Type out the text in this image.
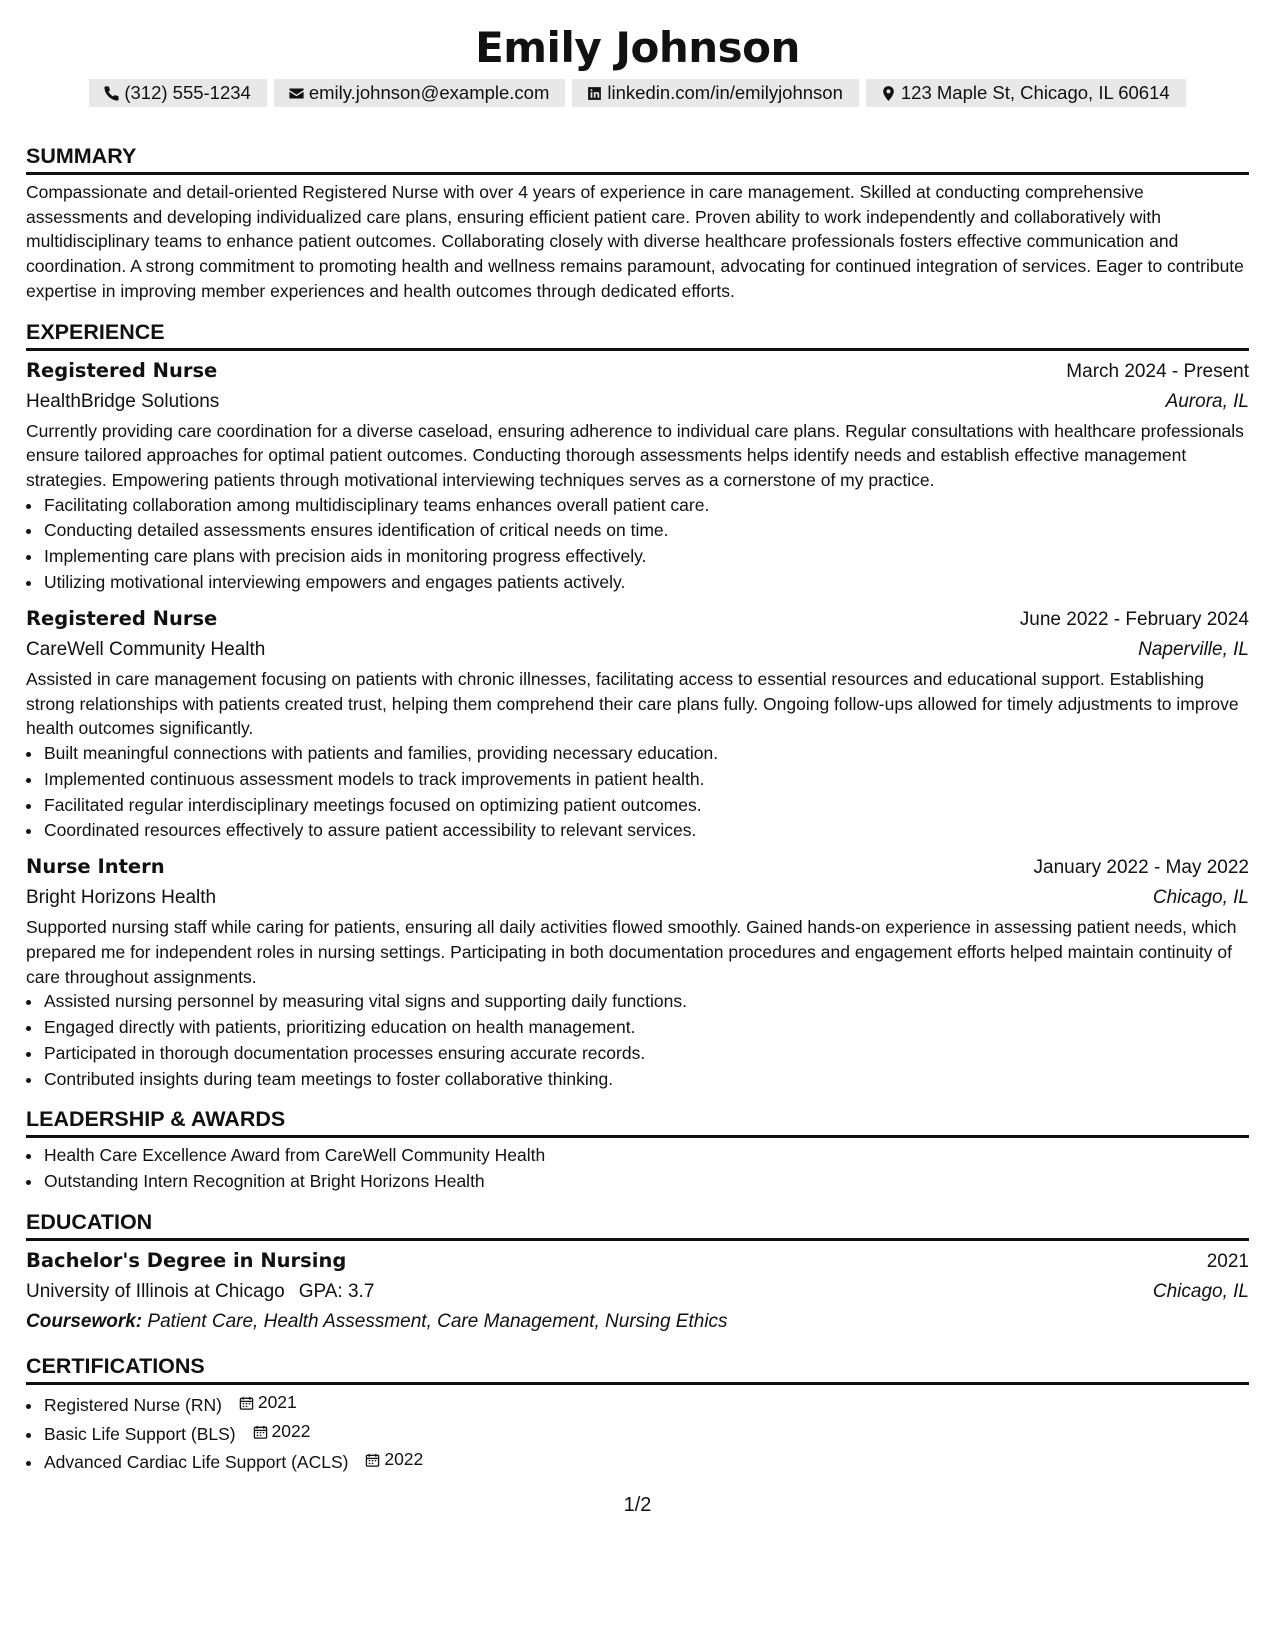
Emily Johnson
(312) 555-1234	emily.johnson@example.com	linkedin.com/in/emilyjohnson	123 Maple St, Chicago, IL 60614
SUMMARY

Compassionate and detail-oriented Registered Nurse with over 4 years of experience in care management. Skilled at conducting comprehensive assessments and developing individualized care plans, ensuring efficient patient care. Proven ability to work independently and collaboratively with multidisciplinary teams to enhance patient outcomes. Collaborating closely with diverse healthcare professionals fosters effective communication and coordination. A strong commitment to promoting health and wellness remains paramount, advocating for continued integration of services. Eager to contribute expertise in improving member experiences and health outcomes through dedicated efforts.

EXPERIENCE
Registered Nurse	March 2024 - Present
HealthBridge Solutions	Aurora, IL

Currently providing care coordination for a diverse caseload, ensuring adherence to individual care plans. Regular consultations with healthcare professionals ensure tailored approaches for optimal patient outcomes. Conducting thorough assessments helps identify needs and establish effective management strategies. Empowering patients through motivational interviewing techniques serves as a cornerstone of my practice.

• Facilitating collaboration among multidisciplinary teams enhances overall patient care.
• Conducting detailed assessments ensures identification of critical needs on time.
• Implementing care plans with precision aids in monitoring progress effectively.
• Utilizing motivational interviewing empowers and engages patients actively.
Registered Nurse	June 2022 - February 2024
CareWell Community Health	Naperville, IL

Assisted in care management focusing on patients with chronic illnesses, facilitating access to essential resources and educational support. Establishing strong relationships with patients created trust, helping them comprehend their care plans fully. Ongoing follow-ups allowed for timely adjustments to improve health outcomes significantly.

• Built meaningful connections with patients and families, providing necessary education.
• Implemented continuous assessment models to track improvements in patient health.
• Facilitated regular interdisciplinary meetings focused on optimizing patient outcomes.
• Coordinated resources effectively to assure patient accessibility to relevant services.
Nurse Intern	January 2022 - May 2022
Bright Horizons Health	Chicago, IL

Supported nursing staff while caring for patients, ensuring all daily activities flowed smoothly. Gained hands-on experience in assessing patient needs, which prepared me for independent roles in nursing settings. Participating in both documentation procedures and engagement efforts helped maintain continuity of care throughout assignments.

• Assisted nursing personnel by measuring vital signs and supporting daily functions.
• Engaged directly with patients, prioritizing education on health management.
• Participated in thorough documentation processes ensuring accurate records.
• Contributed insights during team meetings to foster collaborative thinking.
LEADERSHIP & AWARDS
• Health Care Excellence Award from CareWell Community Health
• Outstanding Intern Recognition at Bright Horizons Health
EDUCATION
Bachelor's Degree in Nursing	2021
University of Illinois at Chicago GPA: 3.7	Chicago, IL
Coursework: Patient Care, Health Assessment, Care Management, Nursing Ethics
CERTIFICATIONS
• Registered Nurse (RN) 2021
• Basic Life Support (BLS) 2022
• Advanced Cardiac Life Support (ACLS) 2022
1/2
